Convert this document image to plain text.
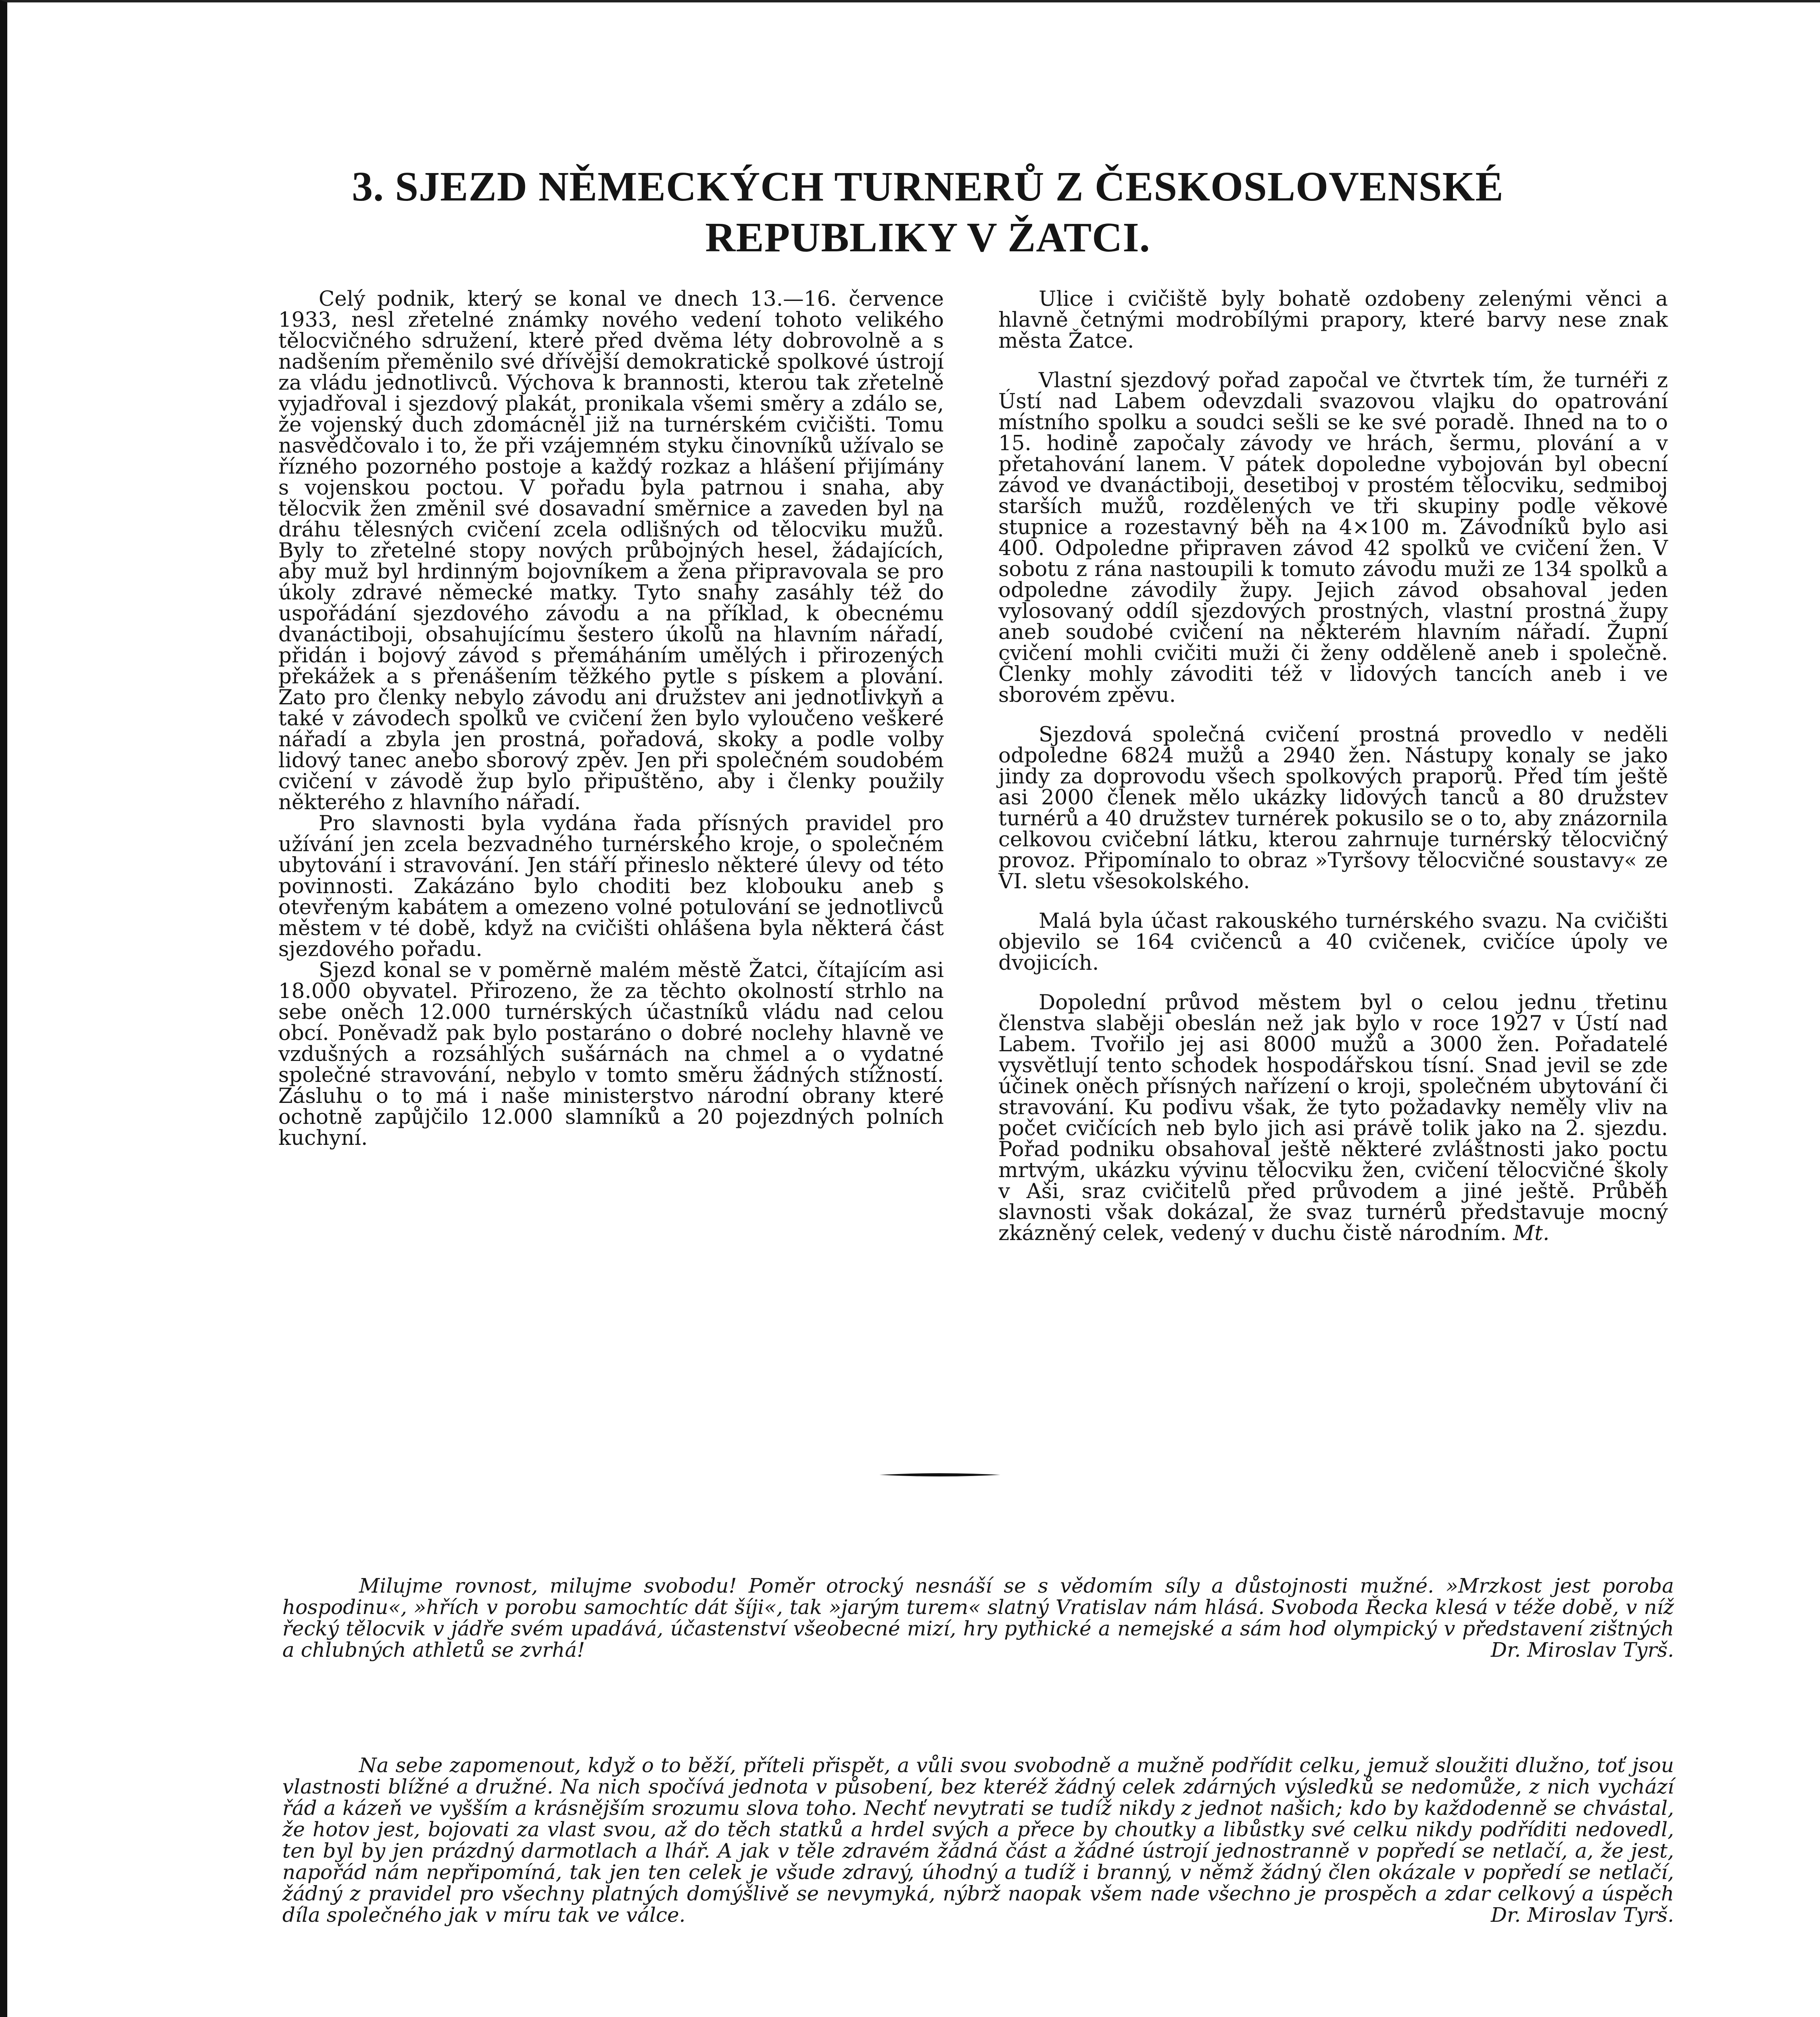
3. SJEZD NĚMECKÝCH TURNERŮ Z ČESKOSLOVENSKÉ REPUBLIKY V ŽATCI.

Celý podnik, který se konal ve dnech 13.—16. července 1933, nesl zřetelné známky nového vedení tohoto velikého tělocvičného sdružení, které před dvěma léty dobrovolně a s nadšením přeměnilo své dřívější demokratické spolkové ústrojí za vládu jednotlivců. Výchova k brannosti, kterou tak zřetelně vyjadřoval i sjezdový plakát, pronikala všemi směry a zdálo se, že vojenský duch zdomácněl již na turnérském cvičišti. Tomu nasvědčovalo i to, že při vzájemném styku činovníků užívalo se řízného pozorného postoje a každý rozkaz a hlášení přijímány s vojenskou poctou. V pořadu byla patrnou i snaha, aby tělocvik žen změnil své dosavadní směrnice a zaveden byl na dráhu tělesných cvičení zcela odlišných od tělocviku mužů. Byly to zřetelné stopy nových průbojných hesel, žádajících, aby muž byl hrdinným bojovníkem a žena připravovala se pro úkoly zdravé německé matky. Tyto snahy zasáhly též do uspořádání sjezdového závodu a na příklad, k obecnému dvanáctiboji, obsahujícímu šestero úkolů na hlavním nářadí, přidán i bojový závod s přemáháním umělých i přirozených překážek a s přenášením těžkého pytle s pískem a plování. Zato pro členky nebylo závodu ani družstev ani jednotlivkyň a také v závodech spolků ve cvičení žen bylo vyloučeno veškeré nářadí a zbyla jen prostná, pořadová, skoky a podle volby lidový tanec anebo sborový zpěv. Jen při společném soudobém cvičení v závodě žup bylo připuštěno, aby i členky použily některého z hlavního nářadí.

Pro slavnosti byla vydána řada přísných pravidel pro užívání jen zcela bezvadného turnérského kroje, o společném ubytování i stravování. Jen stáří přineslo některé úlevy od této povinnosti. Zakázáno bylo choditi bez klobouku aneb s otevřeným kabátem a omezeno volné potulování se jednotlivců městem v té době, když na cvičišti ohlášena byla některá část sjezdového pořadu.

Sjezd konal se v poměrně malém městě Žatci, čítajícím asi 18.000 obyvatel. Přirozeno, že za těchto okolností strhlo na sebe oněch 12.000 turnérských účastníků vládu nad celou obcí. Poněvadž pak bylo postaráno o dobré noclehy hlavně ve vzdušných a rozsáhlých sušárnách na chmel a o vydatné společné stravování, nebylo v tomto směru žádných stížností. Zásluhu o to má i naše ministerstvo národní obrany které ochotně zapůjčilo 12.000 slamníků a 20 pojezdných polních kuchyní.

Ulice i cvičiště byly bohatě ozdobeny zelenými věnci a hlavně četnými modrobílými prapory, které barvy nese znak města Žatce.

Vlastní sjezdový pořad započal ve čtvrtek tím, že turnéři z Ústí nad Labem odevzdali svazovou vlajku do opatrování místního spolku a soudci sešli se ke své poradě. Ihned na to o 15. hodině započaly závody ve hrách, šermu, plování a v přetahování lanem. V pátek dopoledne vybojován byl obecní závod ve dvanáctiboji, desetiboj v prostém tělocviku, sedmiboj starších mužů, rozdělených ve tři skupiny podle věkové stupnice a rozestavný běh na 4×100 m. Závodníků bylo asi 400. Odpoledne připraven závod 42 spolků ve cvičení žen. V sobotu z rána nastoupili k tomuto závodu muži ze 134 spolků a odpoledne závodily župy. Jejich závod obsahoval jeden vylosovaný oddíl sjezdových prostných, vlastní prostná župy aneb soudobé cvičení na některém hlavním nářadí. Župní cvičení mohli cvičiti muži či ženy odděleně aneb i společně. Členky mohly závoditi též v lidových tancích aneb i ve sborovém zpěvu.

Sjezdová společná cvičení prostná provedlo v neděli odpoledne 6824 mužů a 2940 žen. Nástupy konaly se jako jindy za doprovodu všech spolkových praporů. Před tím ještě asi 2000 členek mělo ukázky lidových tanců a 80 družstev turnérů a 40 družstev turnérek pokusilo se o to, aby znázornila celkovou cvičební látku, kterou zahrnuje turnérský tělocvičný provoz. Připomínalo to obraz »Tyršovy tělocvičné soustavy« ze VI. sletu všesokolského.

Malá byla účast rakouského turnérského svazu. Na cvičišti objevilo se 164 cvičenců a 40 cvičenek, cvičíce úpoly ve dvojicích.

Dopolední průvod městem byl o celou jednu třetinu členstva slaběji obeslán než jak bylo v roce 1927 v Ústí nad Labem. Tvořilo jej asi 8000 mužů a 3000 žen. Pořadatelé vysvětlují tento schodek hospodářskou tísní. Snad jevil se zde účinek oněch přísných nařízení o kroji, společném ubytování či stravování. Ku podivu však, že tyto požadavky neměly vliv na počet cvičících neb bylo jich asi právě tolik jako na 2. sjezdu. Pořad podniku obsahoval ještě některé zvláštnosti jako poctu mrtvým, ukázku vývinu tělocviku žen, cvičení tělocvičné školy v Aši, sraz cvičitelů před průvodem a jiné ještě. Průběh slavnosti však dokázal, že svaz turnérů představuje mocný zkázněný celek, vedený v duchu čistě národním. Mt.

Milujme rovnost, milujme svobodu! Poměr otrocký nesnáší se s vědomím síly a důstojnosti mužné. »Mrzkost jest poroba hospodinu«, »hřích v porobu samochtíc dát šíji«, tak »jarým turem« slatný Vratislav nám hlásá. Svoboda Řecka klesá v téže době, v níž řecký tělocvik v jádře svém upadává, účastenství všeobecné mizí, hry pythické a nemejské a sám hod olympický v představení zištných a chlubných athletů se zvrhá!	Dr. Miroslav Tyrš.

Na sebe zapomenout, když o to běží, příteli přispět, a vůli svou svobodně a mužně podřídit celku, jemuž sloužiti dlužno, toť jsou vlastnosti blížné a družné. Na nich spočívá jednota v působení, bez kteréž žádný celek zdárných výsledků se nedomůže, z nich vychází řád a kázeň ve vyšším a krásnějším srozumu slova toho. Nechť nevytrati se tudíž nikdy z jednot našich; kdo by každodenně se chvástal, že hotov jest, bojovati za vlast svou, až do těch statků a hrdel svých a přece by choutky a libůstky své celku nikdy podříditi nedovedl, ten byl by jen prázdný darmotlach a lhář. A jak v těle zdravém žádná část a žádné ústrojí jednostranně v popředí se netlačí, a, že jest, napořád nám nepřipomíná, tak jen ten celek je všude zdravý, úhodný a tudíž i branný, v němž žádný člen okázale v popředí se netlačí, žádný z pravidel pro všechny platných domýšlivě se nevymyká, nýbrž naopak všem nade všechno je prospěch a zdar celkový a úspěch díla společného jak v míru tak ve válce.	Dr. Miroslav Tyrš.
